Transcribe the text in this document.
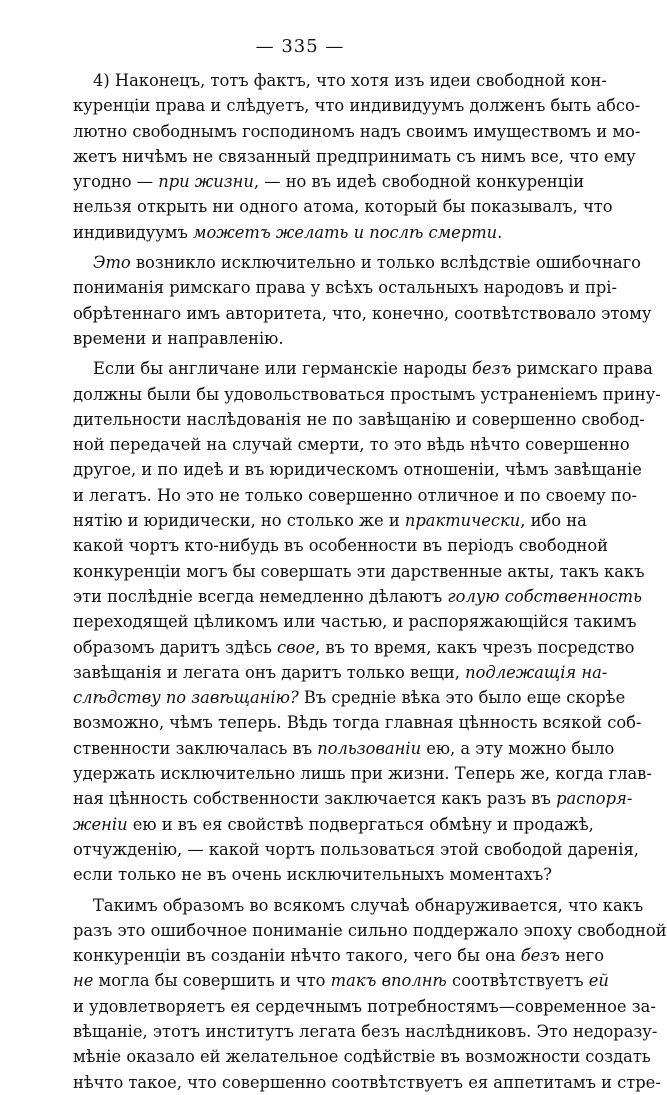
— 335 —
4) Наконецъ, тотъ фактъ, что хотя изъ идеи свободной кон-
куренціи права и слѣдуетъ, что индивидуумъ долженъ быть абсо-
лютно свободнымъ господиномъ надъ своимъ имуществомъ и мо-
жетъ ничѣмъ не связанный предпринимать съ нимъ все, что ему
угодно — при жизни, — но въ идеѣ свободной конкуренціи
нельзя открыть ни одного атома, который бы показывалъ, что
индивидуумъ можетъ желать и послѣ смерти.
Это возникло исключительно и только вслѣдствіе ошибочнаго
пониманія римскаго права у всѣхъ остальныхъ народовъ и прі-
обрѣтеннаго имъ авторитета, что, конечно, соотвѣтствовало этому
времени и направленію.
Если бы англичане или германскіе народы безъ римскаго права
должны были бы удовольствоваться простымъ устраненіемъ прину-
дительности наслѣдованія не по завѣщанію и совершенно свобод-
ной передачей на случай смерти, то это вѣдь нѣчто совершенно
другое, и по идеѣ и въ юридическомъ отношеніи, чѣмъ завѣщаніе
и легатъ. Но это не только совершенно отличное и по своему по-
нятію и юридически, но столько же и практически, ибо на
какой чортъ кто-нибудь въ особенности въ періодъ свободной
конкуренціи могъ бы совершать эти дарственные акты, такъ какъ
эти послѣдніе всегда немедленно дѣлаютъ голую собственность
переходящей цѣликомъ или частью, и распоряжающійся такимъ
образомъ даритъ здѣсь свое, въ то время, какъ чрезъ посредство
завѣщанія и легата онъ даритъ только вещи, подлежащія на-
слѣдству по завѣщанію? Въ средніе вѣка это было еще скорѣе
возможно, чѣмъ теперь. Вѣдь тогда главная цѣнность всякой соб-
ственности заключалась въ пользованіи ею, а эту можно было
удержать исключительно лишь при жизни. Теперь же, когда глав-
ная цѣнность собственности заключается какъ разъ въ распоря-
женіи ею и въ ея свойствѣ подвергаться обмѣну и продажѣ,
отчужденію, — какой чортъ пользоваться этой свободой даренія,
если только не въ очень исключительныхъ моментахъ?
Такимъ образомъ во всякомъ случаѣ обнаруживается, что какъ
разъ это ошибочное пониманіе сильно поддержало эпоху свободной
конкуренціи въ созданіи нѣчто такого, чего бы она безъ него
не могла бы совершить и что такъ вполнѣ соотвѣтствуетъ ей
и удовлетворяетъ ея сердечнымъ потребностямъ—современное за-
вѣщаніе, этотъ институтъ легата безъ наслѣдниковъ. Это недоразу-
мѣніе оказало ей желательное содѣйствіе въ возможности создать
нѣчто такое, что совершенно соотвѣтствуетъ ея аппетитамъ и стре-
